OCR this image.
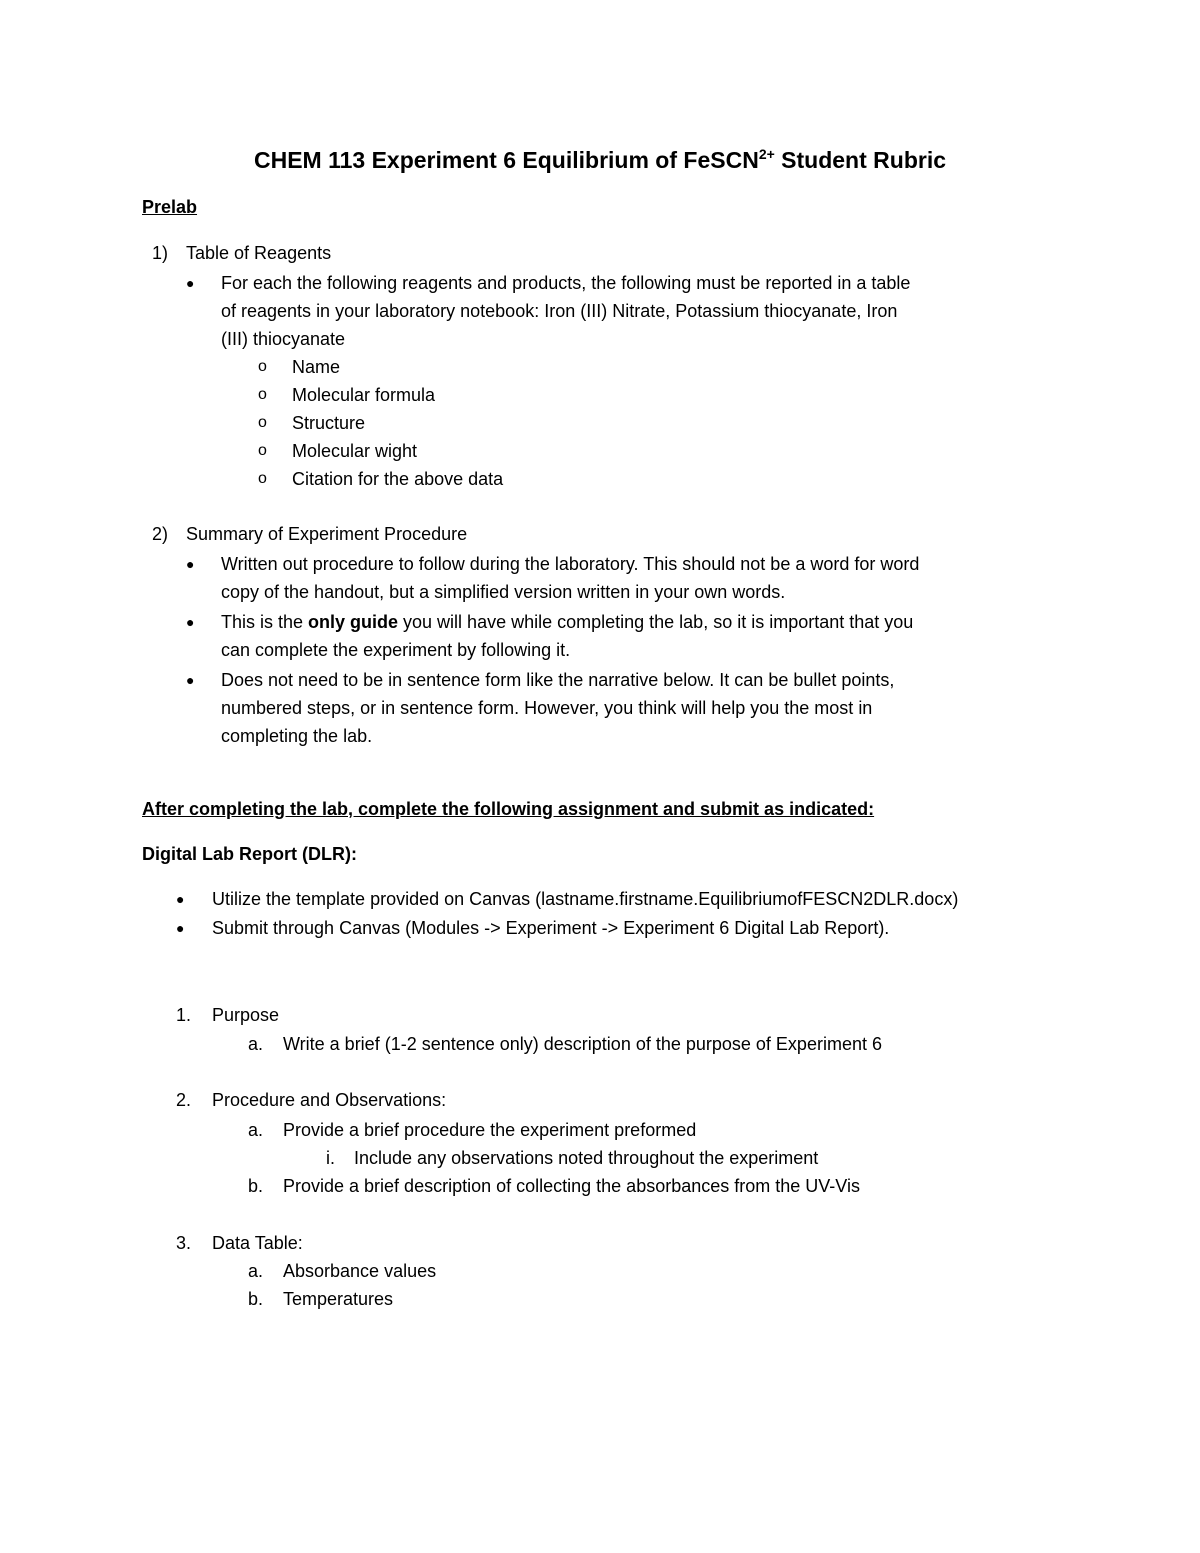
CHEM 113 Experiment 6 Equilibrium of FeSCN$^{2+}$ Student Rubric
Prelab
1) Table of Reagents
● For each the following reagents and products, the following must be reported in a table
of reagents in your laboratory notebook: Iron (III) Nitrate, Potassium thiocyanate, Iron
(III) thiocyanate
o Name
o Molecular formula
o Structure
o Molecular wight
o Citation for the above data
2) Summary of Experiment Procedure
● Written out procedure to follow during the laboratory. This should not be a word for word
copy of the handout, but a simplified version written in your own words.
● This is the only guide you will have while completing the lab, so it is important that you
can complete the experiment by following it.
● Does not need to be in sentence form like the narrative below. It can be bullet points,
numbered steps, or in sentence form. However, you think will help you the most in
completing the lab.
After completing the lab, complete the following assignment and submit as indicated:
Digital Lab Report (DLR):
● Utilize the template provided on Canvas (lastname.firstname.EquilibriumofFESCN2DLR.docx)
● Submit through Canvas (Modules -> Experiment -> Experiment 6 Digital Lab Report).
1. Purpose
a. Write a brief (1-2 sentence only) description of the purpose of Experiment 6
2. Procedure and Observations:
a. Provide a brief procedure the experiment preformed
i. Include any observations noted throughout the experiment
b. Provide a brief description of collecting the absorbances from the UV-Vis
3. Data Table:
a. Absorbance values
b. Temperatures
